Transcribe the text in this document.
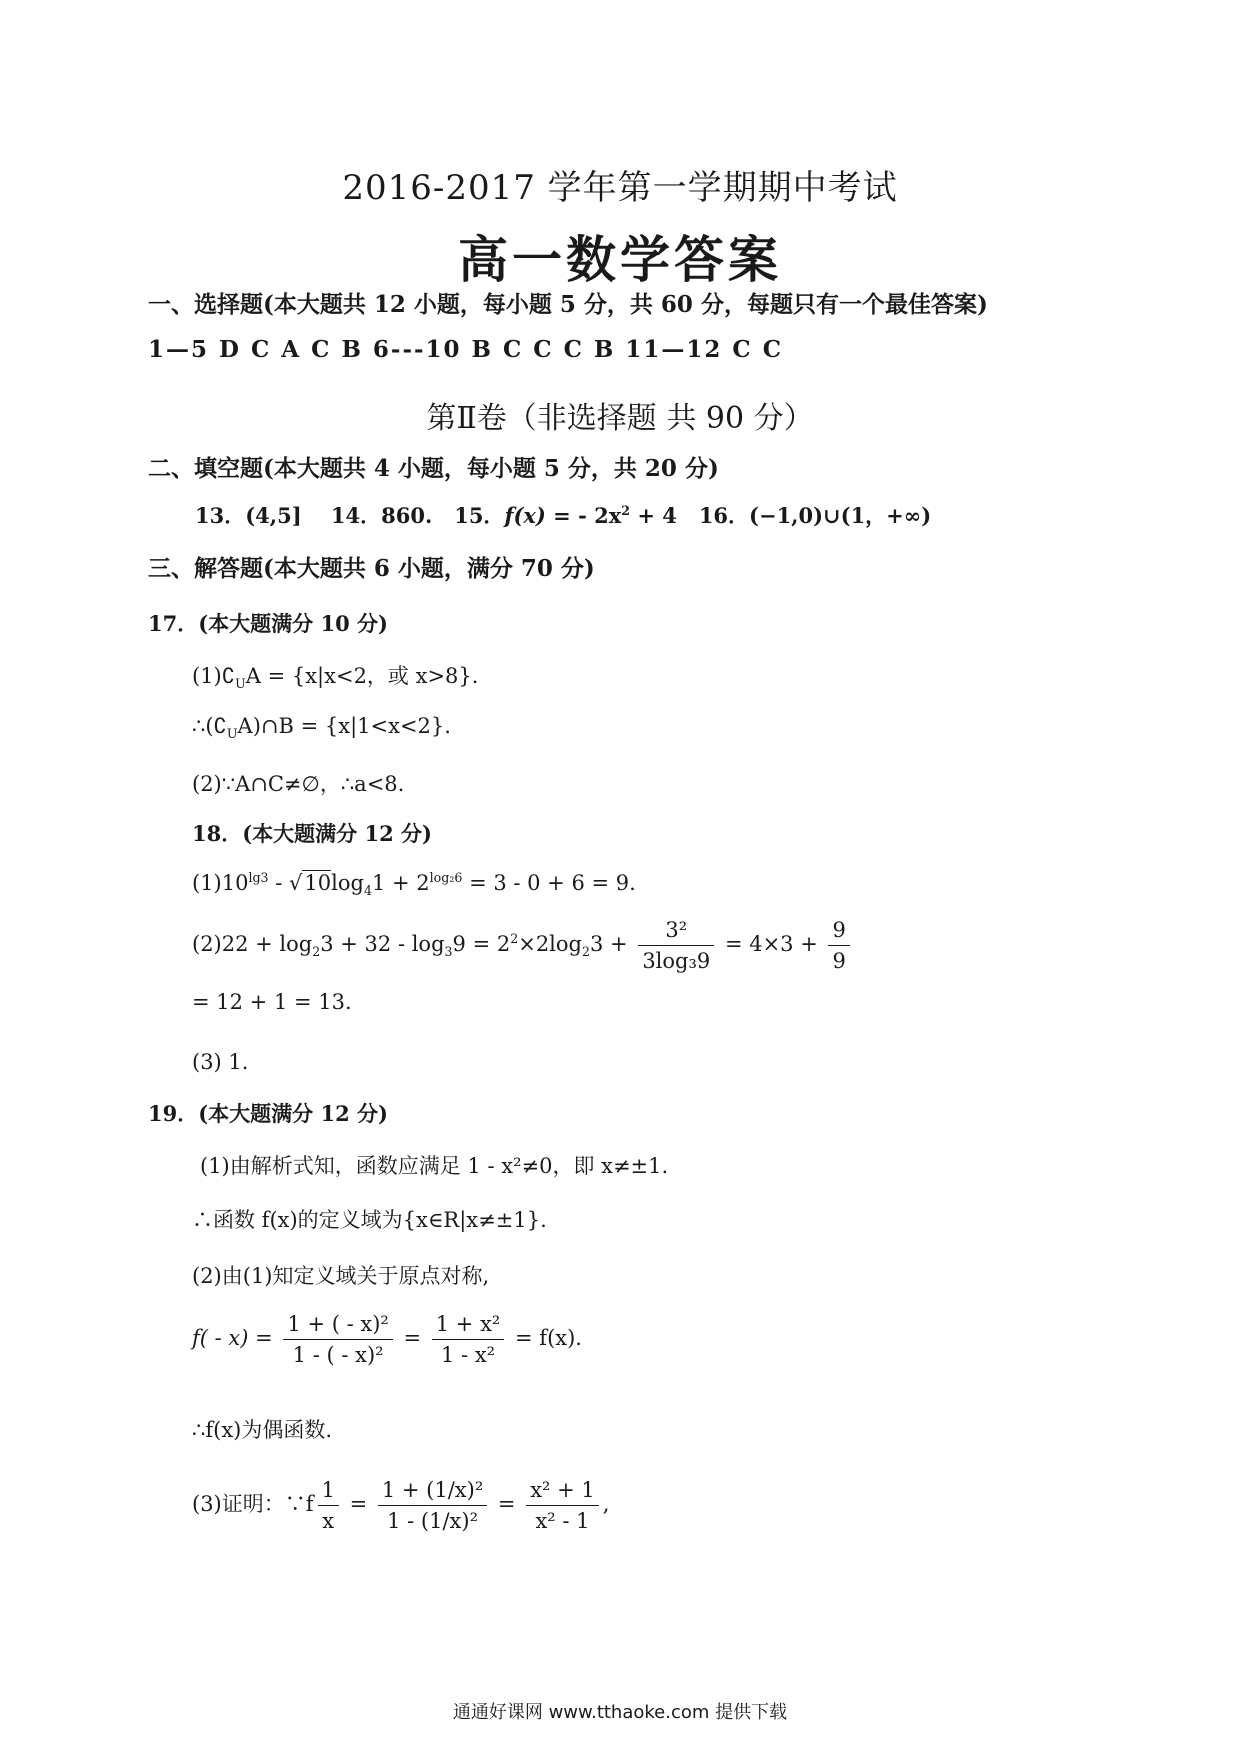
2016-2017 学年第一学期期中考试
高一数学答案
一、选择题(本大题共 12 小题，每小题 5 分，共 60 分，每题只有一个最佳答案)
1—5 D C A C B 6---10 B C C C B 11—12 C C
第Ⅱ卷（非选择题 共 90 分）
二、填空题(本大题共 4 小题，每小题 5 分，共 20 分)
13．(4,5] 14．860. 15．f(x) = - $2x^2 + 4$ 16．(−1,0)∪(1，+∞)
三、解答题(本大题共 6 小题，满分 70 分)
17．(本大题满分 10 分)
$(1)∁_UA = \{x|x<2$，或 x>8}.
$\therefore(∁_UA)\cap B = \{x|1<x<2\}$.
(2)∵A∩C≠∅，∴a<8.
18．(本大题满分 12 分)
$(1)10^{lg3} - √10\log_41 + 2^{log_26} = 3 - 0 + 6 = 9$.
$(2)22 + \log_23 + 32 - \log_39 = 2^2\times 2\log_23 + \frac{\text{3²}}{\text{3log₃9}} = 4\times 3 + \frac{9}{9}$
= 12 + 1 = 13.
(3) 1.
19．(本大题满分 12 分)
(1)由解析式知，函数应满足 1 - x²≠0，即 x≠±1.
∴函数 f(x)的定义域为{x∈R|x≠±1}.
(2)由(1)知定义域关于原点对称,
$f( - x) = \frac{\text{1 + ( - x)²}}{\text{1 - ( - x)²}} = \frac{\text{1 + x²}}{\text{1 - x²}} = f(x)$.
∴f(x)为偶函数.
(3)证明：∵f $\frac{1}{x} = \frac{\text{1 + (1/x)²}}{\text{1 - (1/x)²}} = \frac{\text{x² + 1}}{\text{x² - 1}}$ ,
通通好课网 www.tthaoke.com 提供下载
